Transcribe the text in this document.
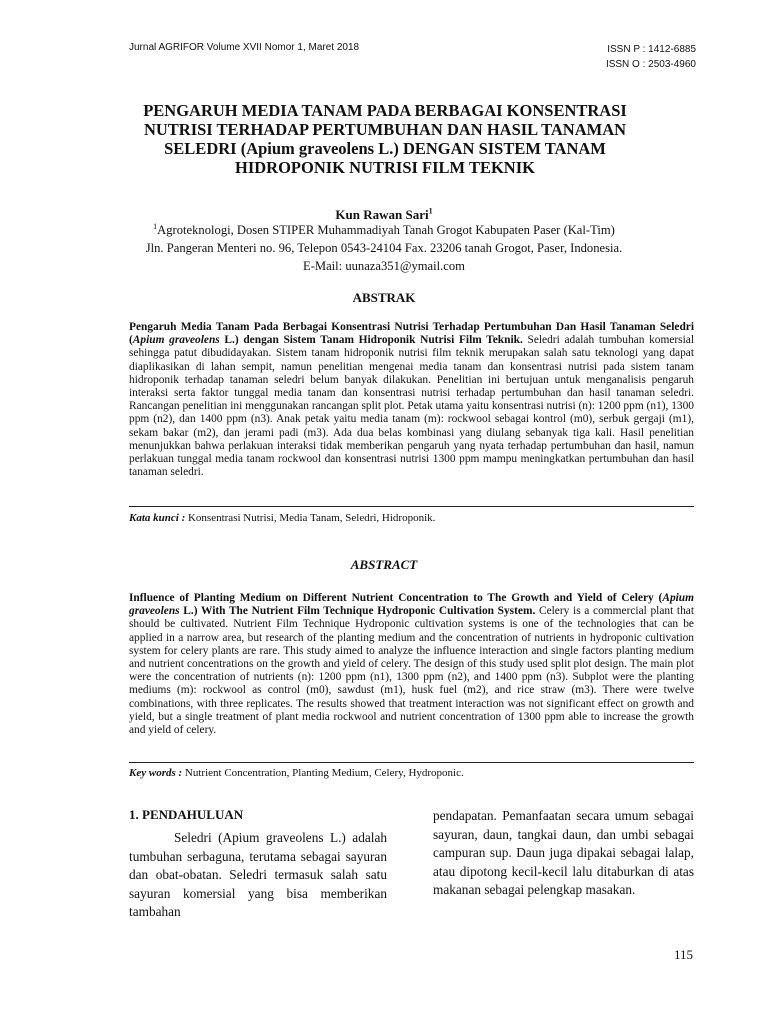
Jurnal AGRIFOR Volume XVII Nomor 1, Maret 2018	ISSN P : 1412-6885
ISSN O : 2503-4960
PENGARUH MEDIA TANAM PADA BERBAGAI KONSENTRASI NUTRISI TERHADAP PERTUMBUHAN DAN HASIL TANAMAN SELEDRI (Apium graveolens L.) DENGAN SISTEM TANAM HIDROPONIK NUTRISI FILM TEKNIK
Kun Rawan Sari$^1$
$^1$Agroteknologi, Dosen STIPER Muhammadiyah Tanah Grogot Kabupaten Paser (Kal-Tim)
Jln. Pangeran Menteri no. 96, Telepon 0543-24104 Fax. 23206 tanah Grogot, Paser, Indonesia.
E-Mail: uunaza351@ymail.com
ABSTRAK
Pengaruh Media Tanam Pada Berbagai Konsentrasi Nutrisi Terhadap Pertumbuhan Dan Hasil Tanaman Seledri (Apium graveolens L.) dengan Sistem Tanam Hidroponik Nutrisi Film Teknik. Seledri adalah tumbuhan komersial sehingga patut dibudidayakan. Sistem tanam hidroponik nutrisi film teknik merupakan salah satu teknologi yang dapat diaplikasikan di lahan sempit, namun penelitian mengenai media tanam dan konsentrasi nutrisi pada sistem tanam hidroponik terhadap tanaman seledri belum banyak dilakukan. Penelitian ini bertujuan untuk menganalisis pengaruh interaksi serta faktor tunggal media tanam dan konsentrasi nutrisi terhadap pertumbuhan dan hasil tanaman seledri. Rancangan penelitian ini menggunakan rancangan split plot. Petak utama yaitu konsentrasi nutrisi (n): 1200 ppm (n1), 1300 ppm (n2), dan 1400 ppm (n3). Anak petak yaitu media tanam (m): rockwool sebagai kontrol (m0), serbuk gergaji (m1), sekam bakar (m2), dan jerami padi (m3). Ada dua belas kombinasi yang diulang sebanyak tiga kali. Hasil penelitian menunjukkan bahwa perlakuan interaksi tidak memberikan pengaruh yang nyata terhadap pertumbuhan dan hasil, namun perlakuan tunggal media tanam rockwool dan konsentrasi nutrisi 1300 ppm mampu meningkatkan pertumbuhan dan hasil tanaman seledri.
Kata kunci : Konsentrasi Nutrisi, Media Tanam, Seledri, Hidroponik.
ABSTRACT
Influence of Planting Medium on Different Nutrient Concentration to The Growth and Yield of Celery (Apium graveolens L.) With The Nutrient Film Technique Hydroponic Cultivation System. Celery is a commercial plant that should be cultivated. Nutrient Film Technique Hydroponic cultivation systems is one of the technologies that can be applied in a narrow area, but research of the planting medium and the concentration of nutrients in hydroponic cultivation system for celery plants are rare. This study aimed to analyze the influence interaction and single factors planting medium and nutrient concentrations on the growth and yield of celery. The design of this study used split plot design. The main plot were the concentration of nutrients (n): 1200 ppm (n1), 1300 ppm (n2), and 1400 ppm (n3). Subplot were the planting mediums (m): rockwool as control (m0), sawdust (m1), husk fuel (m2), and rice straw (m3). There were twelve combinations, with three replicates. The results showed that treatment interaction was not significant effect on growth and yield, but a single treatment of plant media rockwool and nutrient concentration of 1300 ppm able to increase the growth and yield of celery.
Key words : Nutrient Concentration, Planting Medium, Celery, Hydroponic.
1. PENDAHULUAN
Seledri (Apium graveolens L.) adalah tumbuhan serbaguna, terutama sebagai sayuran dan obat-obatan. Seledri termasuk salah satu sayuran komersial yang bisa memberikan tambahan
pendapatan. Pemanfaatan secara umum sebagai sayuran, daun, tangkai daun, dan umbi sebagai campuran sup. Daun juga dipakai sebagai lalap, atau dipotong kecil-kecil lalu ditaburkan di atas makanan sebagai pelengkap masakan.
115
